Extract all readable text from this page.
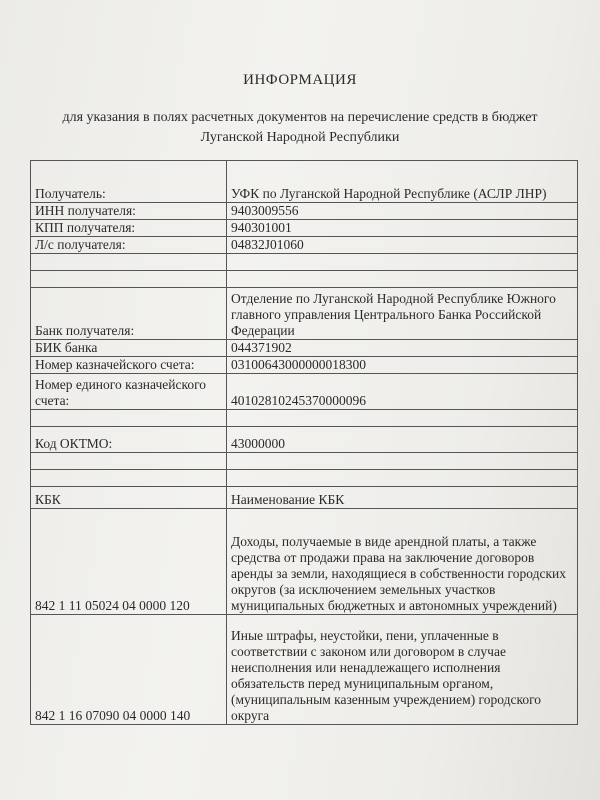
ИНФОРМАЦИЯ
для указания в полях расчетных документов на перечисление средств в бюджет
Луганской Народной Республики
Получатель:	УФК по Луганской Народной Республике (АСЛР ЛНР)
ИНН получателя:	9403009556
КПП получателя:	940301001
Л/с получателя:	04832J01060

Банк получателя:	Отделение по Луганской Народной Республике Южного главного управления Центрального Банка Российской Федерации
БИК банка	044371902
Номер казначейского счета:	03100643000000018300
Номер единого казначейского счета:	40102810245370000096

Код ОКТМО:	43000000

КБК	Наименование КБК
842 1 11 05024 04 0000 120	Доходы, получаемые в виде арендной платы, а также средства от продажи права на заключение договоров аренды за земли, находящиеся в собственности городских округов (за исключением земельных участков муниципальных бюджетных и автономных учреждений)
842 1 16 07090 04 0000 140	Иные штрафы, неустойки, пени, уплаченные в соответствии с законом или договором в случае неисполнения или ненадлежащего исполнения обязательств перед муниципальным органом, (муниципальным казенным учреждением) городского округа
